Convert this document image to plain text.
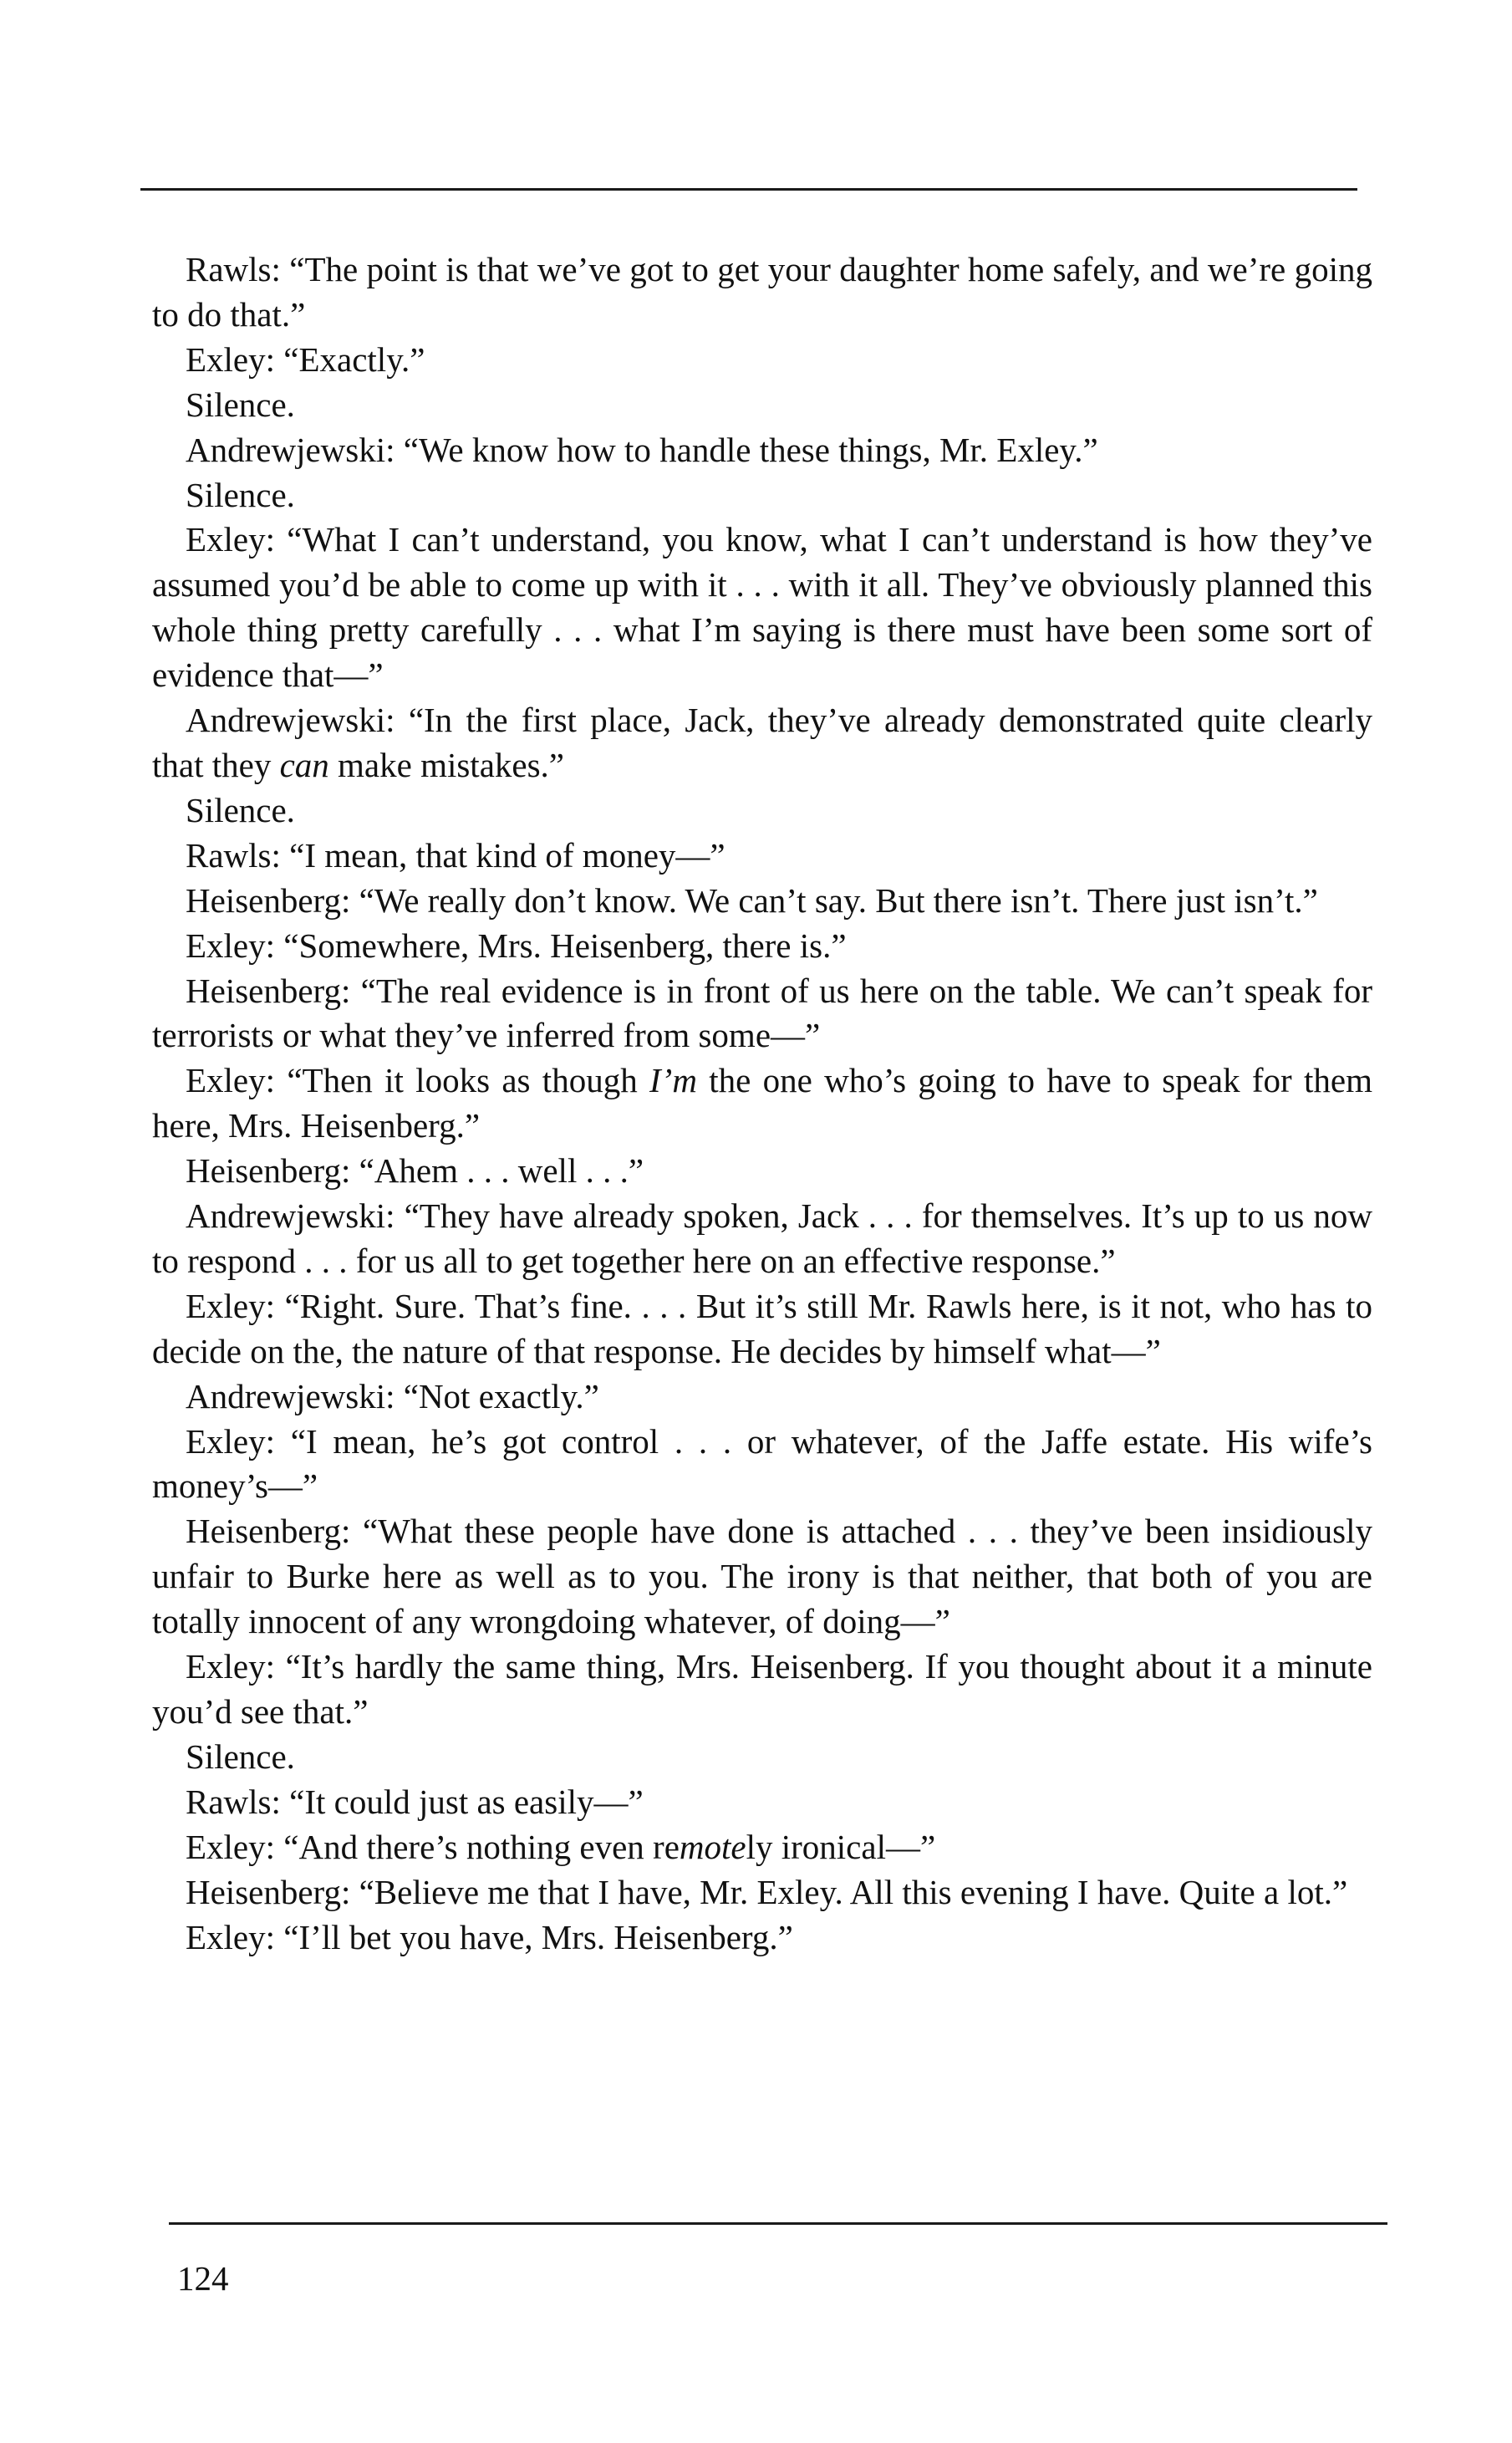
Rawls: “The point is that we’ve got to get your daughter home safely, and we’re going to do that.”

Exley: “Exactly.”

Silence.

Andrewjewski: “We know how to handle these things, Mr. Exley.”

Silence.

Exley: “What I can’t understand, you know, what I can’t understand is how they’ve assumed you’d be able to come up with it . . . with it all. They’ve obviously planned this whole thing pretty carefully . . . what I’m saying is there must have been some sort of evidence that—”

Andrewjewski: “In the first place, Jack, they’ve already demonstrated quite clearly that they can make mistakes.”

Silence.

Rawls: “I mean, that kind of money—”

Heisenberg: “We really don’t know. We can’t say. But there isn’t. There just isn’t.”

Exley: “Somewhere, Mrs. Heisenberg, there is.”

Heisenberg: “The real evidence is in front of us here on the table. We can’t speak for terrorists or what they’ve inferred from some—”

Exley: “Then it looks as though I’m the one who’s going to have to speak for them here, Mrs. Heisenberg.”

Heisenberg: “Ahem . . . well . . .”

Andrewjewski: “They have already spoken, Jack . . . for themselves. It’s up to us now to respond . . . for us all to get together here on an effective response.”

Exley: “Right. Sure. That’s fine. . . . But it’s still Mr. Rawls here, is it not, who has to decide on the, the nature of that response. He decides by himself what—”

Andrewjewski: “Not exactly.”

Exley: “I mean, he’s got control . . . or whatever, of the Jaffe estate. His wife’s money’s—”

Heisenberg: “What these people have done is attached . . . they’ve been insidiously unfair to Burke here as well as to you. The irony is that neither, that both of you are totally innocent of any wrongdoing whatever, of doing—”

Exley: “It’s hardly the same thing, Mrs. Heisenberg. If you thought about it a minute you’d see that.”

Silence.

Rawls: “It could just as easily—”

Exley: “And there’s nothing even remotely ironical—”

Heisenberg: “Believe me that I have, Mr. Exley. All this evening I have. Quite a lot.”

Exley: “I’ll bet you have, Mrs. Heisenberg.”

124
